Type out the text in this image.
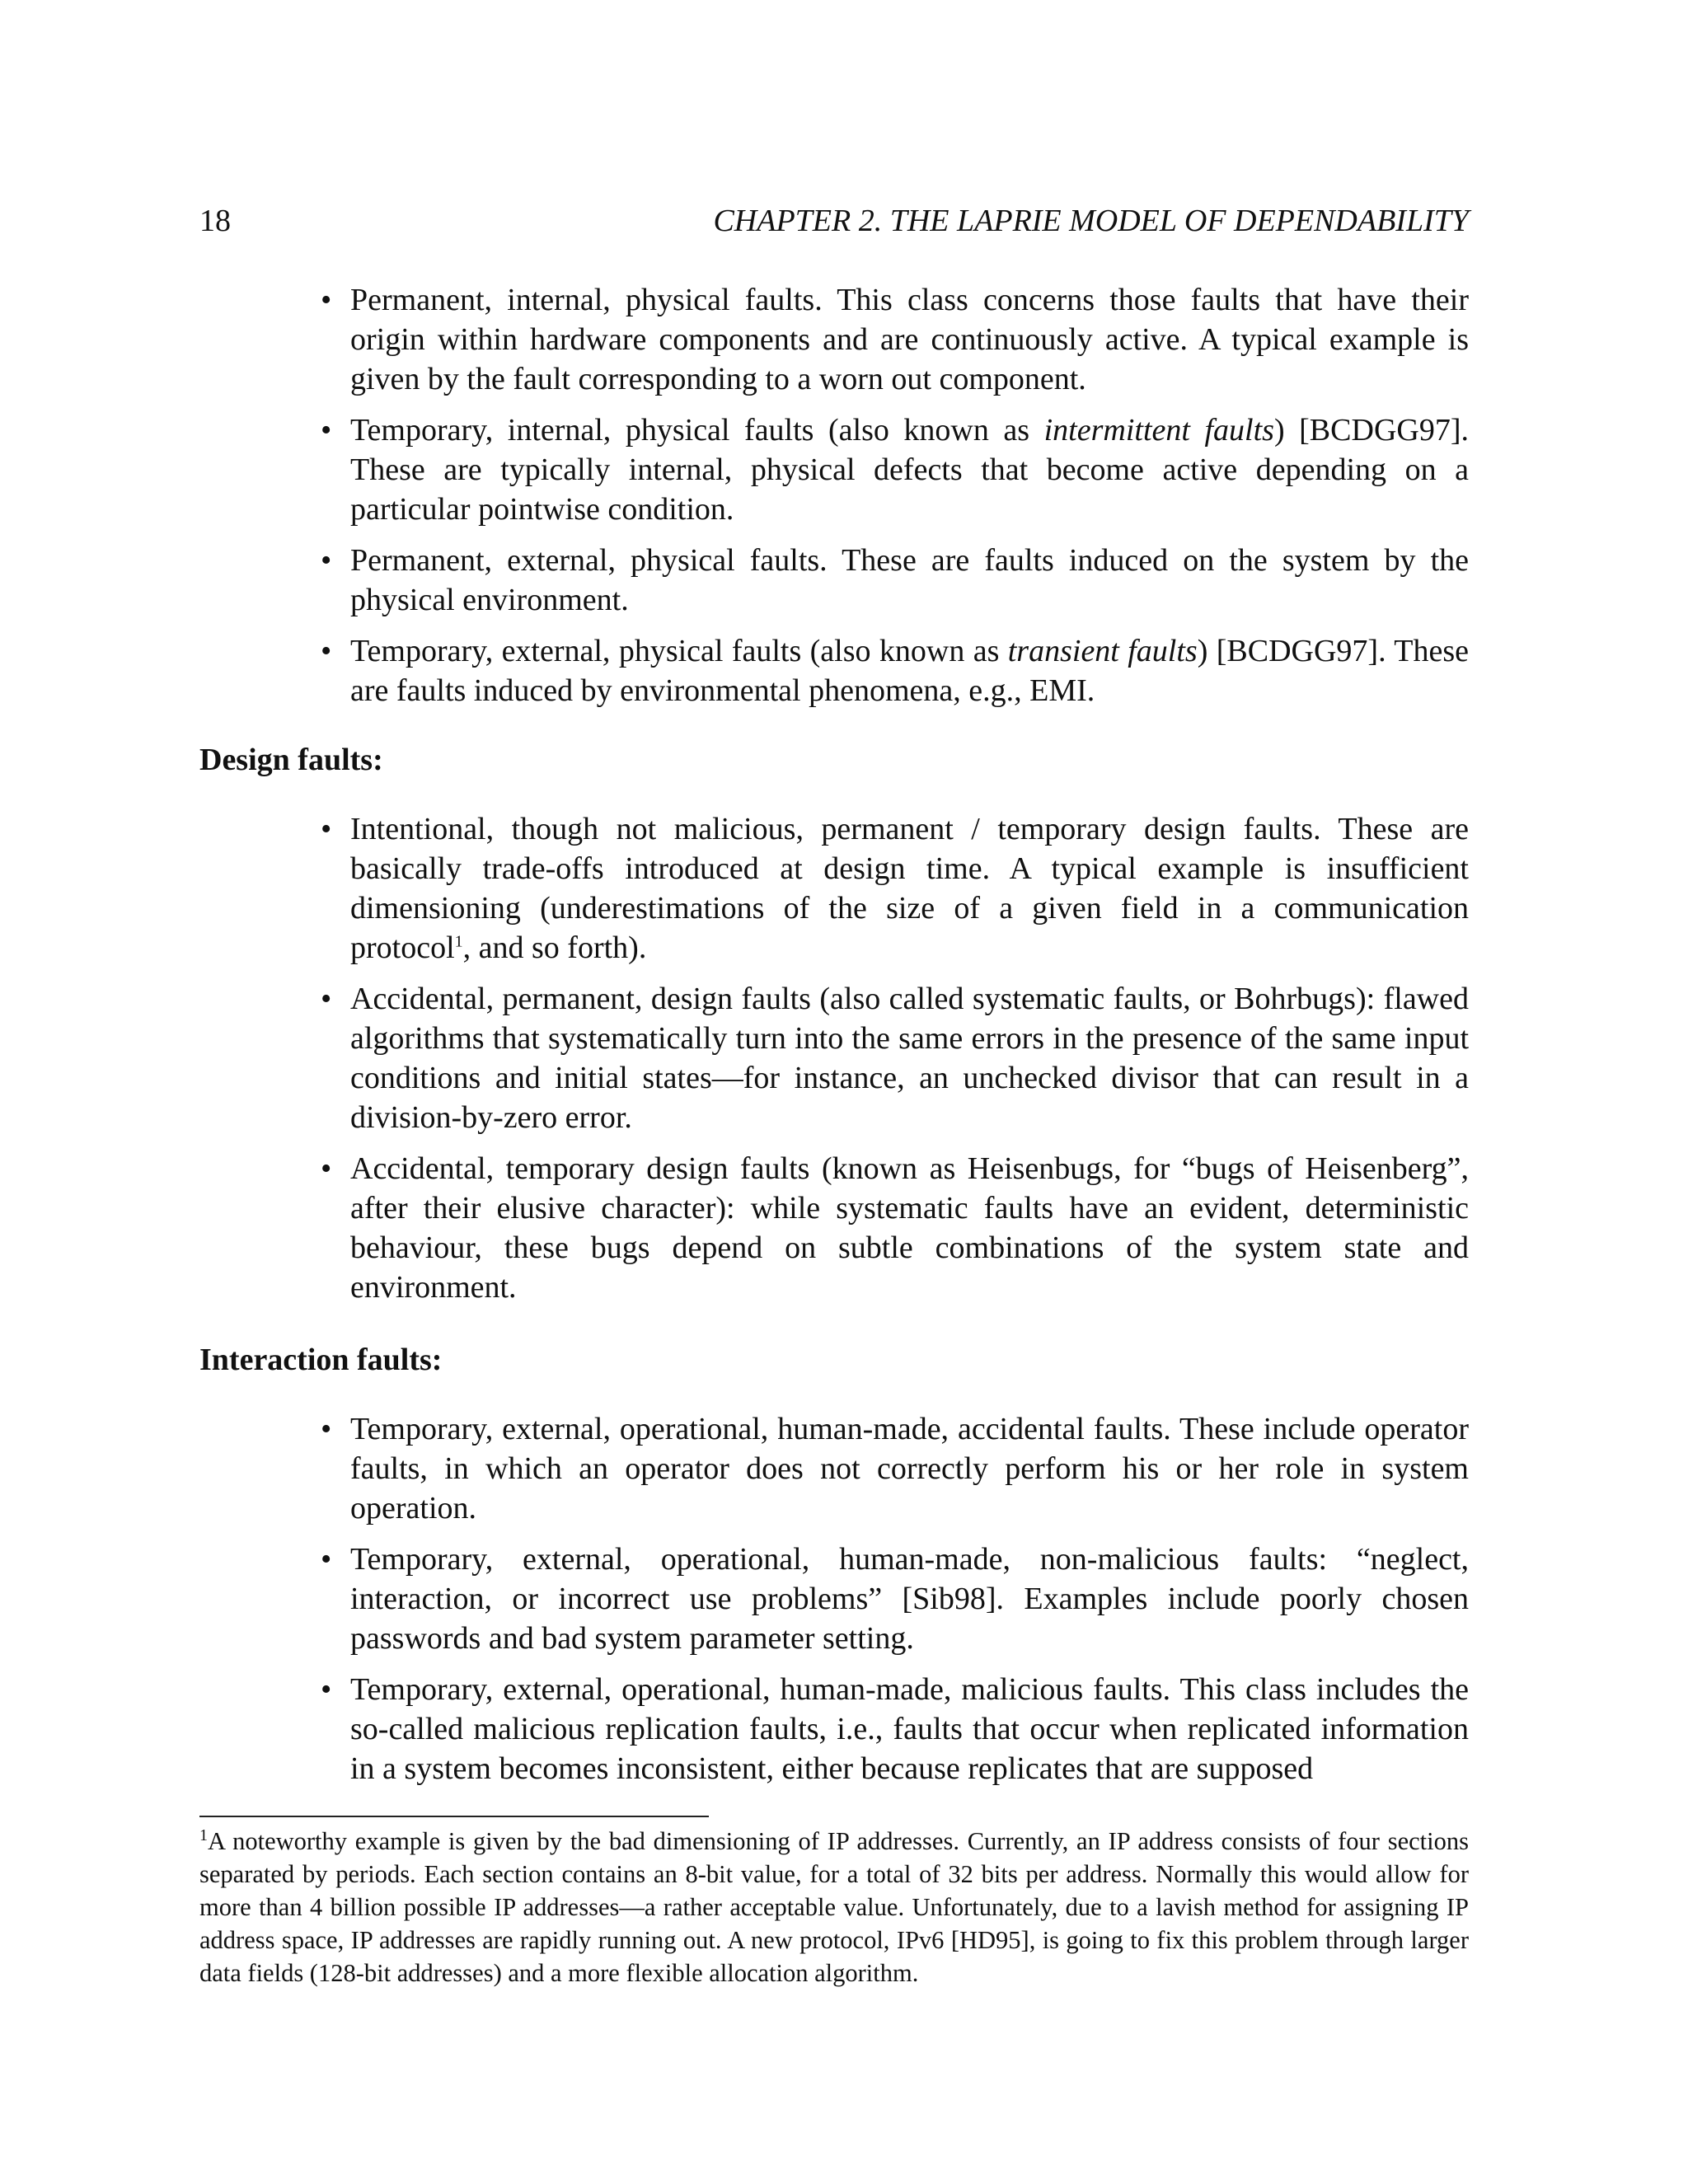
18	CHAPTER 2. THE LAPRIE MODEL OF DEPENDABILITY
• Permanent, internal, physical faults. This class concerns those faults that have their origin within hardware components and are continuously active. A typical example is given by the fault corresponding to a worn out component.
• Temporary, internal, physical faults (also known as intermittent faults) [BCDGG97]. These are typically internal, physical defects that become active depending on a particular pointwise condition.
• Permanent, external, physical faults. These are faults induced on the system by the physical environment.
• Temporary, external, physical faults (also known as transient faults) [BCDGG97]. These are faults induced by environmental phenomena, e.g., EMI.
Design faults:
• Intentional, though not malicious, permanent / temporary design faults. These are basically trade-offs introduced at design time. A typical example is insufficient dimensioning (underestimations of the size of a given field in a communication protocol$^1$, and so forth).
• Accidental, permanent, design faults (also called systematic faults, or Bohrbugs): flawed algorithms that systematically turn into the same errors in the presence of the same input conditions and initial states—for instance, an unchecked divisor that can result in a division-by-zero error.
• Accidental, temporary design faults (known as Heisenbugs, for “bugs of Heisenberg”, after their elusive character): while systematic faults have an evident, deterministic behaviour, these bugs depend on subtle combinations of the system state and environment.
Interaction faults:
• Temporary, external, operational, human-made, accidental faults. These include operator faults, in which an operator does not correctly perform his or her role in system operation.
• Temporary, external, operational, human-made, non-malicious faults: “neglect, interaction, or incorrect use problems” [Sib98]. Examples include poorly chosen passwords and bad system parameter setting.
• Temporary, external, operational, human-made, malicious faults. This class includes the so-called malicious replication faults, i.e., faults that occur when replicated information in a system becomes inconsistent, either because replicates that are supposed
$^1$A noteworthy example is given by the bad dimensioning of IP addresses. Currently, an IP address consists of four sections separated by periods. Each section contains an 8-bit value, for a total of 32 bits per address. Normally this would allow for more than 4 billion possible IP addresses—a rather acceptable value. Unfortunately, due to a lavish method for assigning IP address space, IP addresses are rapidly running out. A new protocol, IPv6 [HD95], is going to fix this problem through larger data fields (128-bit addresses) and a more flexible allocation algorithm.
